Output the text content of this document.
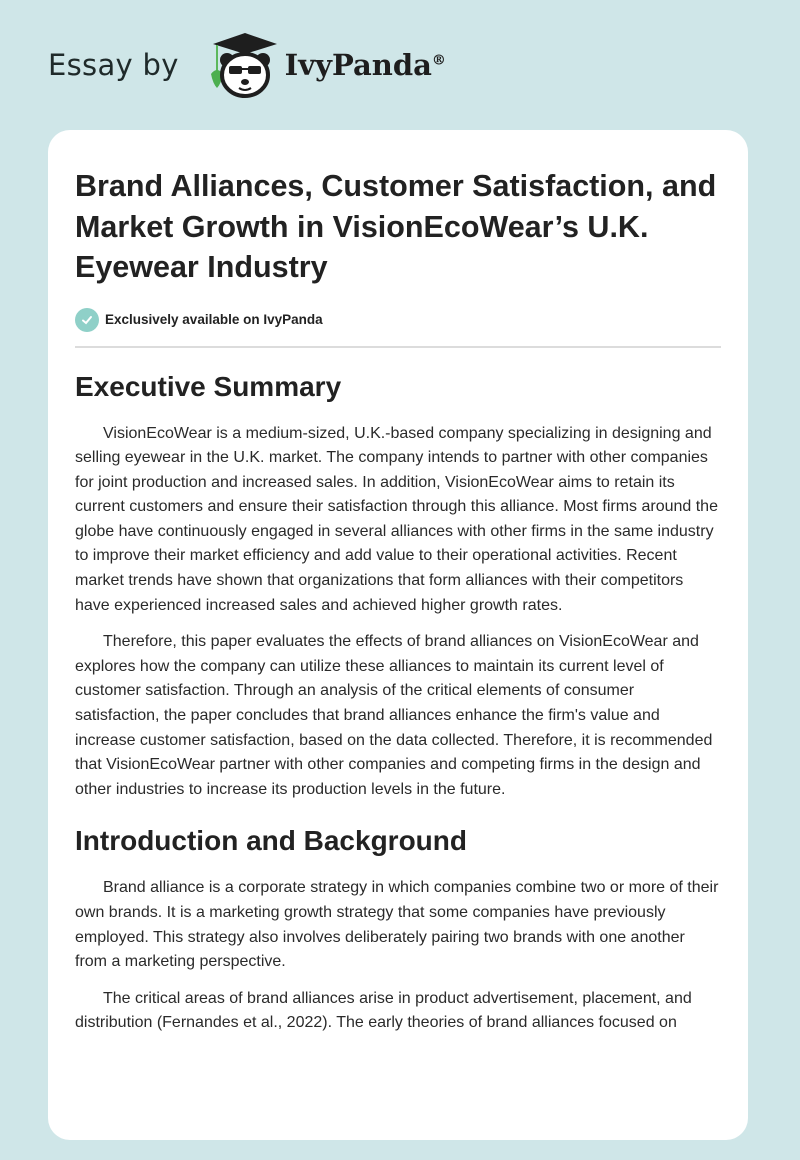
Essay by	IvyPanda®
Brand Alliances, Customer Satisfaction, and Market Growth in VisionEcoWear’s U.K. Eyewear Industry
Exclusively available on IvyPanda
Executive Summary

VisionEcoWear is a medium-sized, U.K.-based company specializing in designing and selling eyewear in the U.K. market. The company intends to partner with other companies for joint production and increased sales. In addition, VisionEcoWear aims to retain its current customers and ensure their satisfaction through this alliance. Most firms around the globe have continuously engaged in several alliances with other firms in the same industry to improve their market efficiency and add value to their operational activities. Recent market trends have shown that organizations that form alliances with their competitors have experienced increased sales and achieved higher growth rates.

Therefore, this paper evaluates the effects of brand alliances on VisionEcoWear and explores how the company can utilize these alliances to maintain its current level of customer satisfaction. Through an analysis of the critical elements of consumer satisfaction, the paper concludes that brand alliances enhance the firm's value and increase customer satisfaction, based on the data collected. Therefore, it is recommended that VisionEcoWear partner with other companies and competing firms in the design and other industries to increase its production levels in the future.

Introduction and Background

Brand alliance is a corporate strategy in which companies combine two or more of their own brands. It is a marketing growth strategy that some companies have previously employed. This strategy also involves deliberately pairing two brands with one another from a marketing perspective.

The critical areas of brand alliances arise in product advertisement, placement, and distribution (Fernandes et al., 2022). The early theories of brand alliances focused on
